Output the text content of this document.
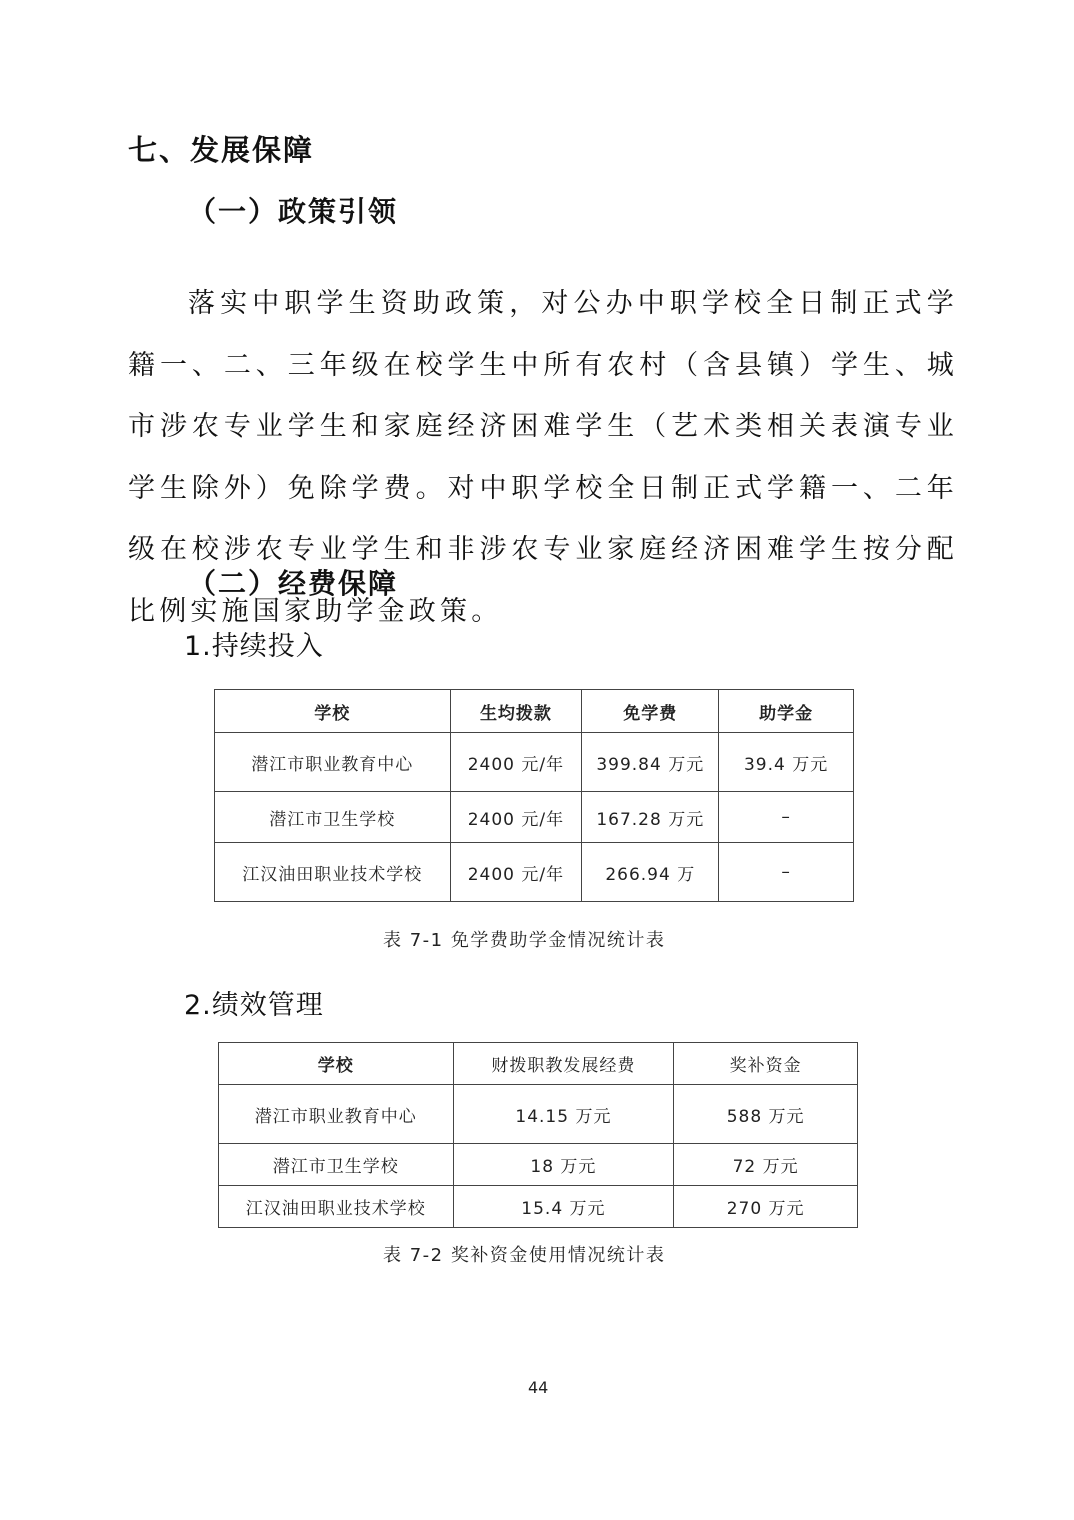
七、发展保障
（一）政策引领

落实中职学生资助政策，对公办中职学校全日制正式学籍一、二、三年级在校学生中所有农村（含县镇）学生、城市涉农专业学生和家庭经济困难学生（艺术类相关表演专业学生除外）免除学费。对中职学校全日制正式学籍一、二年级在校涉农专业学生和非涉农专业家庭经济困难学生按分配比例实施国家助学金政策。

（二）经费保障
1.持续投入
学校	生均拨款	免学费	助学金
潜江市职业教育中心	2400 元/年	399.84 万元	39.4 万元
潜江市卫生学校	2400 元/年	167.28 万元	–
江汉油田职业技术学校	2400 元/年	266.94 万	–
表 7-1 免学费助学金情况统计表
2.绩效管理
学校	财拨职教发展经费	奖补资金
潜江市职业教育中心	14.15 万元	588 万元
潜江市卫生学校	18 万元	72 万元
江汉油田职业技术学校	15.4 万元	270 万元
表 7-2 奖补资金使用情况统计表
44
